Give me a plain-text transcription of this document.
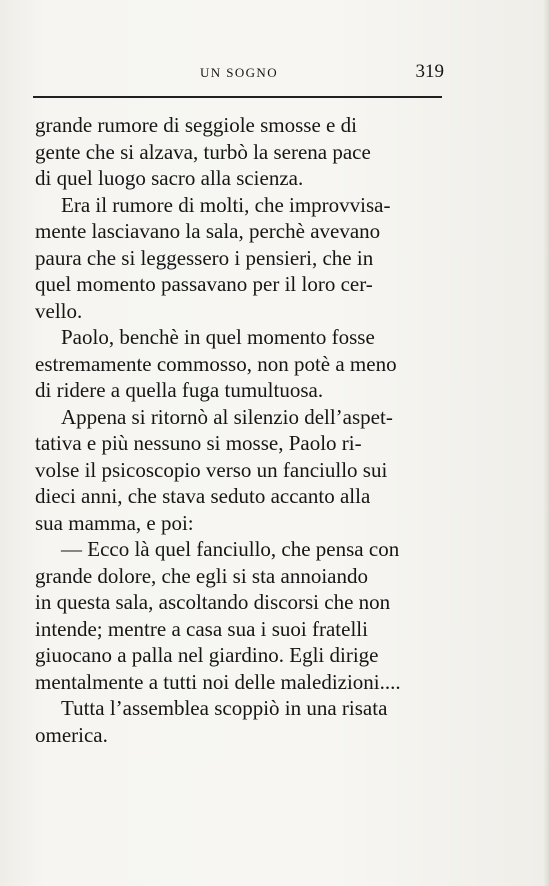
UN SOGNO	319

grande rumore di seggiole smosse e di
gente che si alzava, turbò la serena pace
di quel luogo sacro alla scienza.

Era il rumore di molti, che improvvisa-
mente lasciavano la sala, perchè avevano
paura che si leggessero i pensieri, che in
quel momento passavano per il loro cer-
vello.

Paolo, benchè in quel momento fosse
estremamente commosso, non potè a meno
di ridere a quella fuga tumultuosa.

Appena si ritornò al silenzio dell’aspet-
tativa e più nessuno si mosse, Paolo ri-
volse il psicoscopio verso un fanciullo sui
dieci anni, che stava seduto accanto alla
sua mamma, e poi:

— Ecco là quel fanciullo, che pensa con
grande dolore, che egli si sta annoiando
in questa sala, ascoltando discorsi che non
intende; mentre a casa sua i suoi fratelli
giuocano a palla nel giardino. Egli dirige
mentalmente a tutti noi delle maledizioni....

Tutta l’assemblea scoppiò in una risata
omerica.
